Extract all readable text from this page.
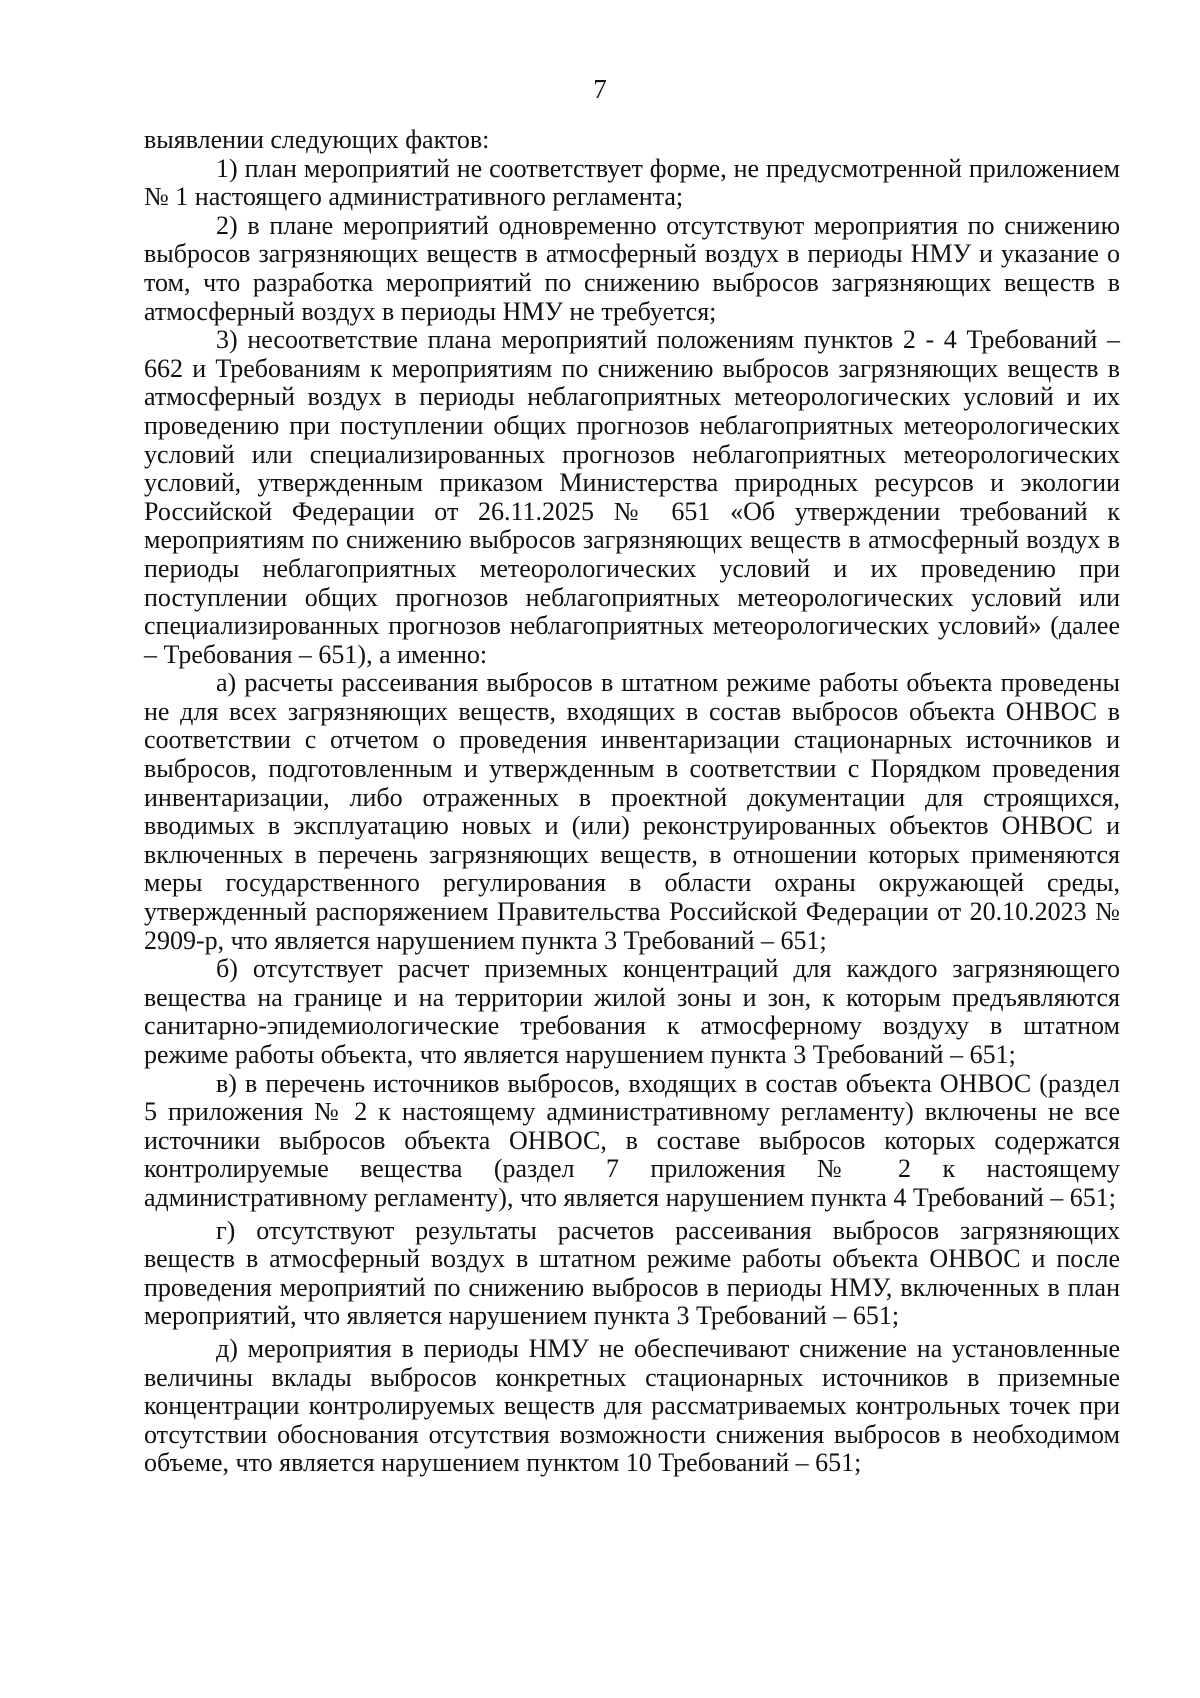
7

выявлении следующих фактов:

1) план мероприятий не соответствует форме, не предусмотренной приложением № 1 настоящего административного регламента;

2) в плане мероприятий одновременно отсутствуют мероприятия по снижению выбросов загрязняющих веществ в атмосферный воздух в периоды НМУ и указание о том, что разработка мероприятий по снижению выбросов загрязняющих веществ в атмосферный воздух в периоды НМУ не требуется;

3) несоответствие плана мероприятий положениям пунктов 2 - 4 Требований – 662 и Требованиям к мероприятиям по снижению выбросов загрязняющих веществ в атмосферный воздух в периоды неблагоприятных метеорологических условий и их проведению при поступлении общих прогнозов неблагоприятных метеорологических условий или специализированных прогнозов неблагоприятных метеорологических условий, утвержденным приказом Министерства природных ресурсов и экологии Российской Федерации от 26.11.2025 № 651 «Об утверждении требований к мероприятиям по снижению выбросов загрязняющих веществ в атмосферный воздух в периоды неблагоприятных метеорологических условий и их проведению при поступлении общих прогнозов неблагоприятных метеорологических условий или специализированных прогнозов неблагоприятных метеорологических условий» (далее – Требования – 651), а именно:

а) расчеты рассеивания выбросов в штатном режиме работы объекта проведены не для всех загрязняющих веществ, входящих в состав выбросов объекта ОНВОС в соответствии с отчетом о проведения инвентаризации стационарных источников и выбросов, подготовленным и утвержденным в соответствии с Порядком проведения инвентаризации, либо отраженных в проектной документации для строящихся, вводимых в эксплуатацию новых и (или) реконструированных объектов ОНВОС и включенных в перечень загрязняющих веществ, в отношении которых применяются меры государственного регулирования в области охраны окружающей среды, утвержденный распоряжением Правительства Российской Федерации от 20.10.2023 № 2909-р, что является нарушением пункта 3 Требований – 651;

б) отсутствует расчет приземных концентраций для каждого загрязняющего вещества на границе и на территории жилой зоны и зон, к которым предъявляются санитарно-эпидемиологические требования к атмосферному воздуху в штатном режиме работы объекта, что является нарушением пункта 3 Требований – 651;

в) в перечень источников выбросов, входящих в состав объекта ОНВОС (раздел 5 приложения № 2 к настоящему административному регламенту) включены не все источники выбросов объекта ОНВОС, в составе выбросов которых содержатся контролируемые вещества (раздел 7 приложения № 2 к настоящему административному регламенту), что является нарушением пункта 4 Требований – 651;

г) отсутствуют результаты расчетов рассеивания выбросов загрязняющих веществ в атмосферный воздух в штатном режиме работы объекта ОНВОС и после проведения мероприятий по снижению выбросов в периоды НМУ, включенных в план мероприятий, что является нарушением пункта 3 Требований – 651;

д) мероприятия в периоды НМУ не обеспечивают снижение на установленные величины вклады выбросов конкретных стационарных источников в приземные концентрации контролируемых веществ для рассматриваемых контрольных точек при отсутствии обоснования отсутствия возможности снижения выбросов в необходимом объеме, что является нарушением пунктом 10 Требований – 651;
